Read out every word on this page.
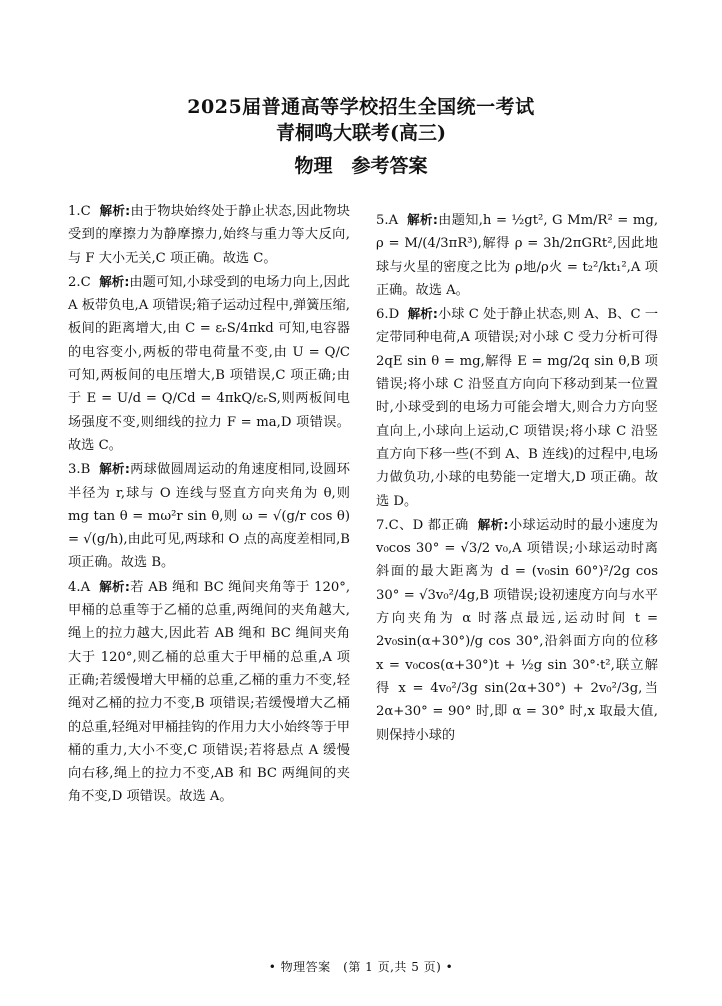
2025届普通高等学校招生全国统一考试
青桐鸣大联考(高三)
物理　参考答案
1.C 解析:由于物块始终处于静止状态,因此物块受到的摩擦力为静摩擦力,始终与重力等大反向,与 F 大小无关,C 项正确。故选 C。
2.C 解析:由题可知,小球受到的电场力向上,因此 A 板带负电,A 项错误;箱子运动过程中,弹簧压缩,板间的距离增大,由 C = εᵣS/4πkd 可知,电容器的电容变小,两板的带电荷量不变,由 U = Q/C 可知,两板间的电压增大,B 项错误,C 项正确;由于 E = U/d = Q/Cd = 4πkQ/εᵣS,则两板间电场强度不变,则细线的拉力 F = ma,D 项错误。故选 C。
3.B 解析:两球做圆周运动的角速度相同,设圆环半径为 r,球与 O 连线与竖直方向夹角为 θ,则 mg tan θ = mω²r sin θ,则 ω = √(g/r cos θ) = √(g/h),由此可见,两球和 O 点的高度差相同,B 项正确。故选 B。
4.A 解析:若 AB 绳和 BC 绳间夹角等于 120°,甲桶的总重等于乙桶的总重,两绳间的夹角越大,绳上的拉力越大,因此若 AB 绳和 BC 绳间夹角大于 120°,则乙桶的总重大于甲桶的总重,A 项正确;若缓慢增大甲桶的总重,乙桶的重力不变,轻绳对乙桶的拉力不变,B 项错误;若缓慢增大乙桶的总重,轻绳对甲桶挂钩的作用力大小始终等于甲桶的重力,大小不变,C 项错误;若将悬点 A 缓慢向右移,绳上的拉力不变,AB 和 BC 两绳间的夹角不变,D 项错误。故选 A。
5.A 解析:由题知,h = ½gt², G Mm/R² = mg, ρ = M/(4/3πR³),解得 ρ = 3h/2πGRt²,因此地球与火星的密度之比为 ρ地/ρ火 = t₂²/kt₁²,A 项正确。故选 A。
6.D 解析:小球 C 处于静止状态,则 A、B、C 一定带同种电荷,A 项错误;对小球 C 受力分析可得 2qE sin θ = mg,解得 E = mg/2q sin θ,B 项错误;将小球 C 沿竖直方向向下移动到某一位置时,小球受到的电场力可能会增大,则合力方向竖直向上,小球向上运动,C 项错误;将小球 C 沿竖直方向下移一些(不到 A、B 连线)的过程中,电场力做负功,小球的电势能一定增大,D 项正确。故选 D。
7.C、D 都正确 解析:小球运动时的最小速度为 v₀cos 30° = √3/2 v₀,A 项错误;小球运动时离斜面的最大距离为 d = (v₀sin 60°)²/2g cos 30° = √3v₀²/4g,B 项错误;设初速度方向与水平方向夹角为 α 时落点最远,运动时间 t = 2v₀sin(α+30°)/g cos 30°,沿斜面方向的位移 x = v₀cos(α+30°)t + ½g sin 30°·t²,联立解得 x = 4v₀²/3g sin(2α+30°) + 2v₀²/3g,当 2α+30° = 90° 时,即 α = 30° 时,x 取最大值,则保持小球的
• 物理答案　(第 1 页,共 5 页) •
